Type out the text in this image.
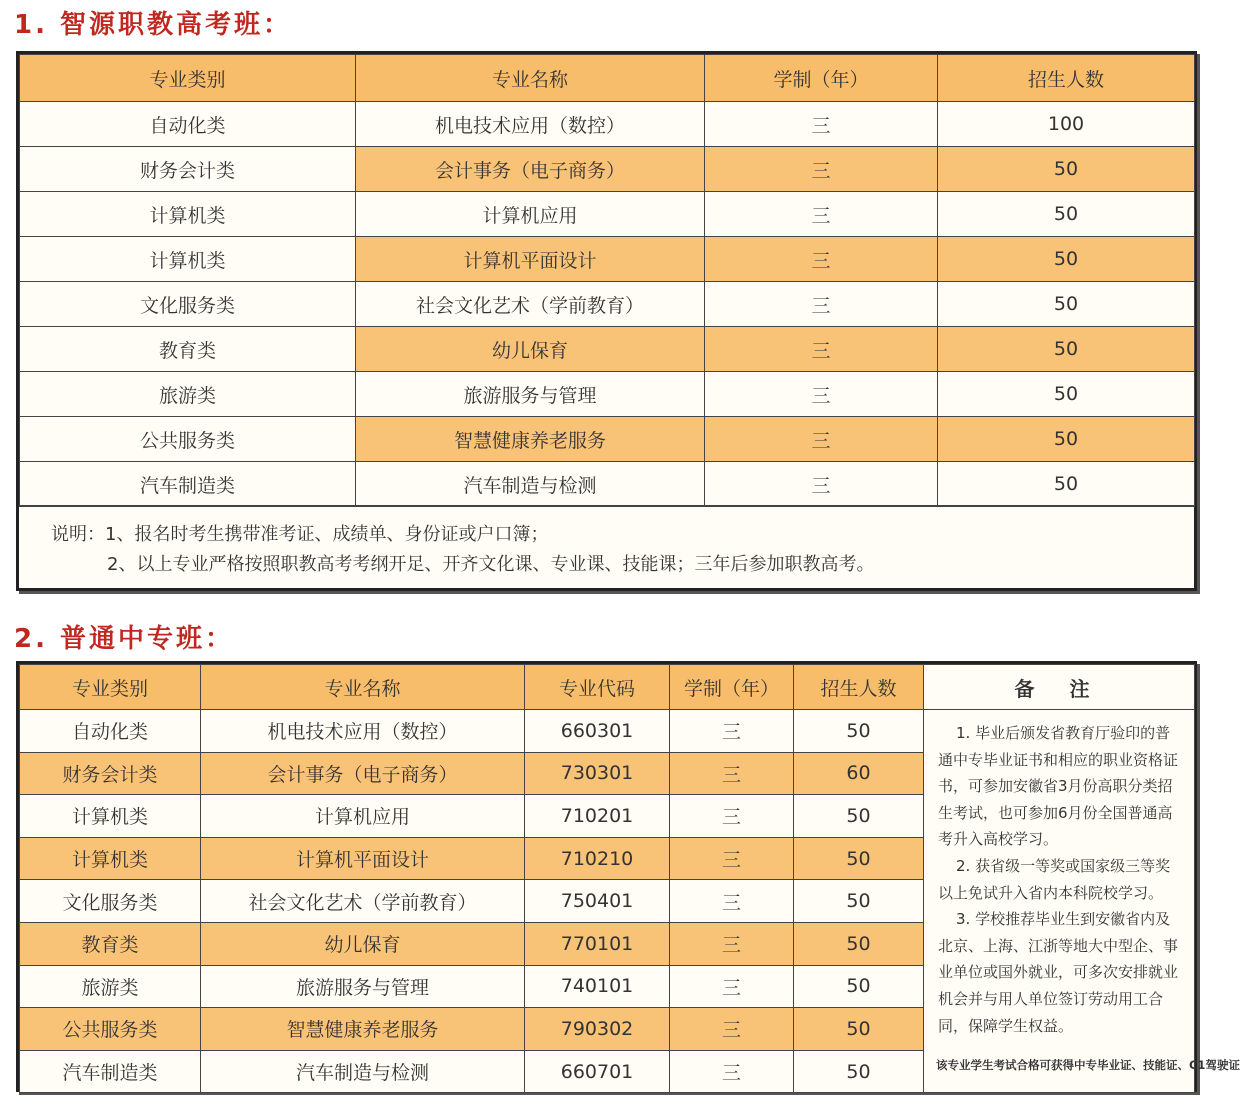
1. 智源职教高考班：
专业类别	专业名称	学制（年）	招生人数
自动化类	机电技术应用（数控）	三	100
财务会计类	会计事务（电子商务）	三	50
计算机类	计算机应用	三	50
计算机类	计算机平面设计	三	50
文化服务类	社会文化艺术（学前教育）	三	50
教育类	幼儿保育	三	50
旅游类	旅游服务与管理	三	50
公共服务类	智慧健康养老服务	三	50
汽车制造类	汽车制造与检测	三	50
说明：1、报名时考生携带准考证、成绩单、身份证或户口簿；
2、以上专业严格按照职教高考考纲开足、开齐文化课、专业课、技能课；三年后参加职教高考。
2. 普通中专班：
专业类别	专业名称	专业代码	学制（年）	招生人数	备 注
自动化类	机电技术应用（数控）	660301	三	50	1. 毕业后颁发省教育厅验印的普通中专毕业证书和相应的职业资格证书，可参加安徽省3月份高职分类招生考试，也可参加6月份全国普通高考升入高校学习。

2. 获省级一等奖或国家级三等奖以上免试升入省内本科院校学习。

3. 学校推荐毕业生到安徽省内及北京、上海、江浙等地大中型企、事业单位或国外就业，可多次安排就业机会并与用人单位签订劳动用工合同，保障学生权益。

该专业学生考试合格可获得中专毕业证、技能证、C1驾驶证

财务会计类	会计事务（电子商务）	730301	三	60	
计算机类	计算机应用	710201	三	50	
计算机类	计算机平面设计	710210	三	50	
文化服务类	社会文化艺术（学前教育）	750401	三	50	
教育类	幼儿保育	770101	三	50	
旅游类	旅游服务与管理	740101	三	50	
公共服务类	智慧健康养老服务	790302	三	50	
汽车制造类	汽车制造与检测	660701	三	50	
